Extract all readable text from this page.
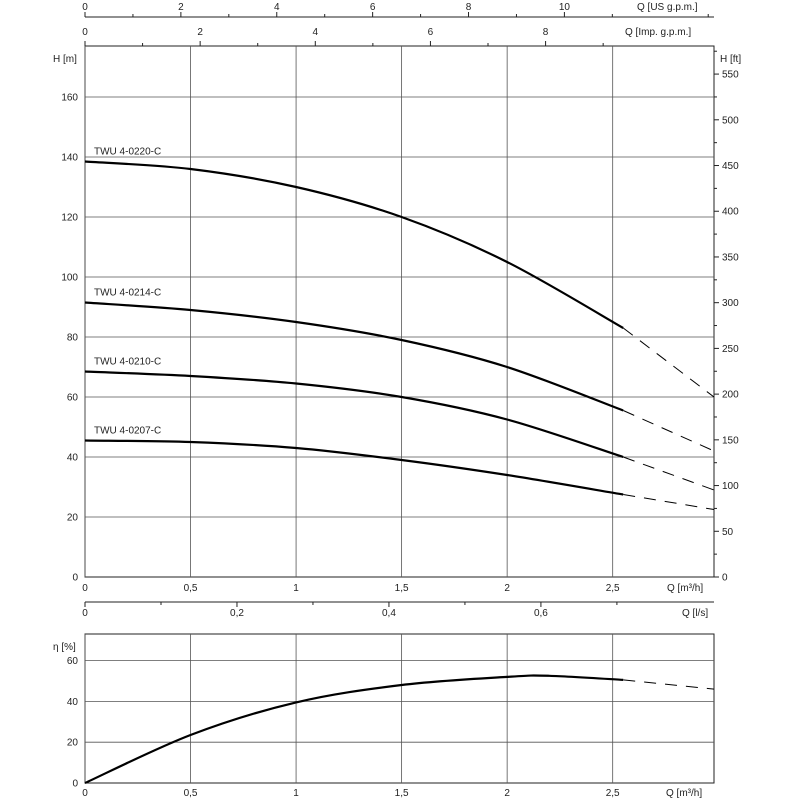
H [m]	H [ft]
Q [US g.p.m.]
Q [Imp. g.p.m.]
Q [m³/h]
Q [l/s]
η [%]
Q [m³/h]
0	0,5	1	1,5	2	2,5
0	0,5	1	1,5	2	2,5
0
20
40
60
80
100
120
140
160
0
20
40
60
0
50
100
150
200
250
300
350
400
450
500
550
0	2	4	6	8	10
0	2	4	6	8
0	0,2	0,4	0,6
TWU 4-0220-C
TWU 4-0214-C
TWU 4-0210-C
TWU 4-0207-C
